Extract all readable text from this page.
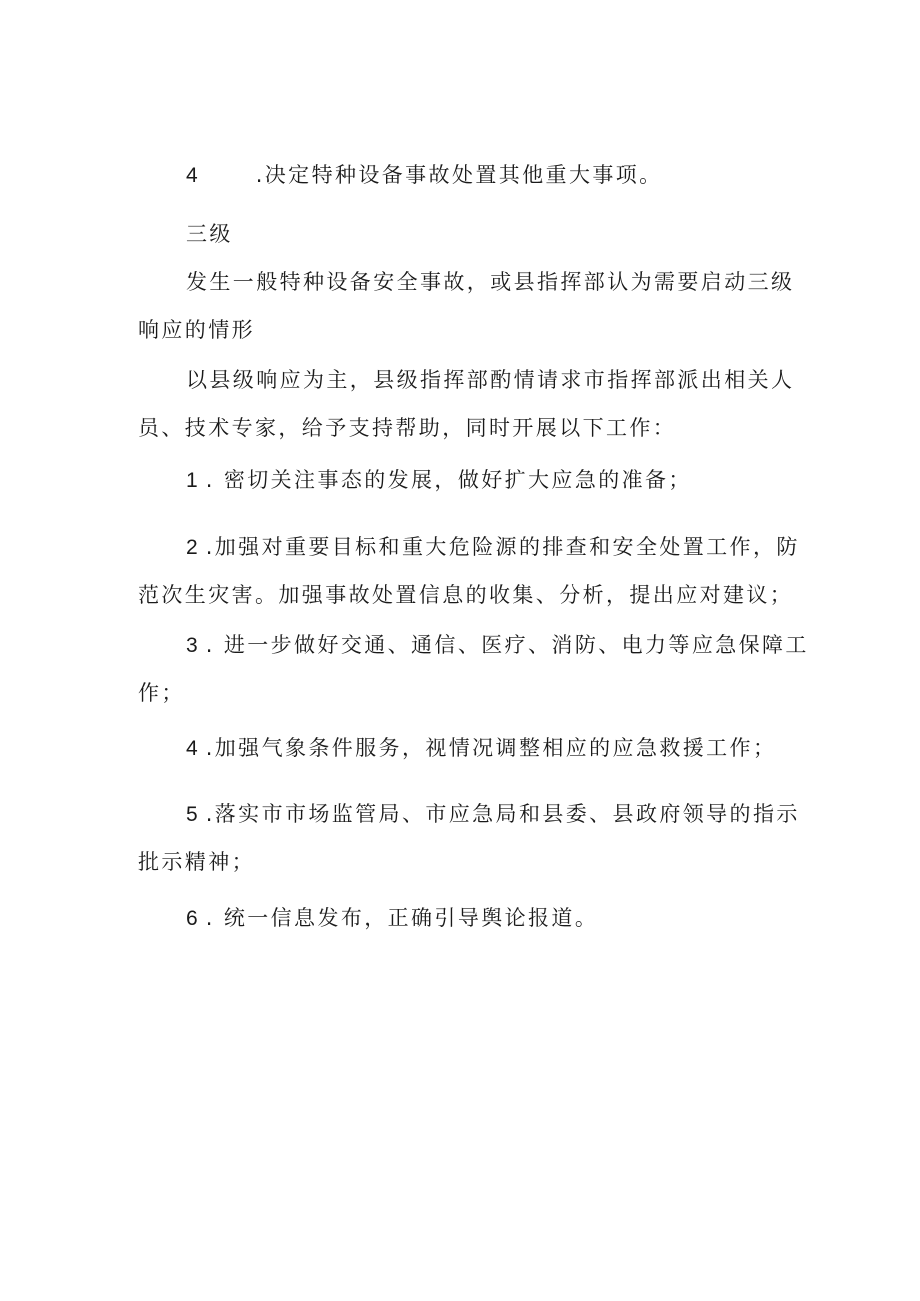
4	.决定特种设备事故处置其他重大事项。
三级
发生一般特种设备安全事故，或县指挥部认为需要启动三级
响应的情形
以县级响应为主，县级指挥部酌情请求市指挥部派出相关人
员、技术专家，给予支持帮助，同时开展以下工作：
1 . 密切关注事态的发展，做好扩大应急的准备；
2 .加强对重要目标和重大危险源的排查和安全处置工作，防
范次生灾害。加强事故处置信息的收集、分析，提出应对建议；
3 . 进一步做好交通、通信、医疗、消防、电力等应急保障工
作；
4 .加强气象条件服务，视情况调整相应的应急救援工作；
5 .落实市市场监管局、市应急局和县委、县政府领导的指示
批示精神；
6 . 统一信息发布，正确引导舆论报道。
